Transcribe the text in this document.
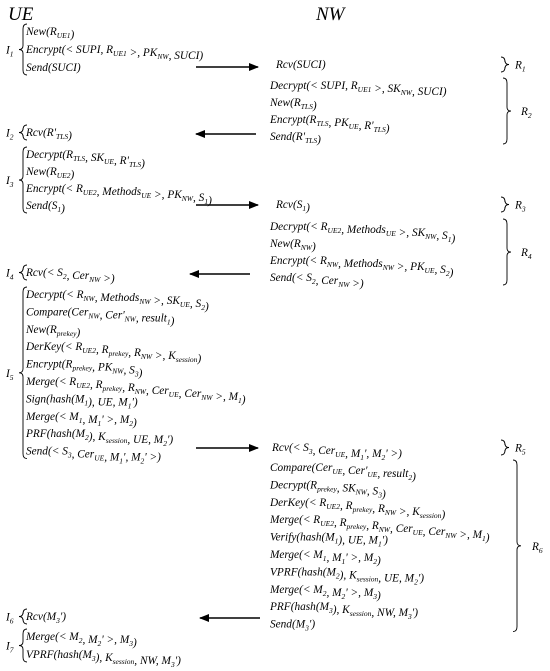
UE	NW
$New(R_{UE1})$
Encrypt(< SUPI, $R_{UE1}$ >, $PK_{NW}$, SUCI)
Send(SUCI)
$I_1$
$Rcv(R'_{TLS})$
$I_2$
$Decrypt(R_{TLS}$, $SK_{UE}$, $R'_{TLS}$)
$New(R_{UE2})$
Encrypt(< $R_{UE2}$, Methods$_{UE}$ >, $PK_{NW}$, $S_1$)
$Send(S_1)$
$I_3$
$Rcv(< S_2$, Cer$_{NW}$ >)
$I_4$
Decrypt(< $R_{NW}$, Methods$_{NW}$ >, $SK_{UE}$, $S_2$)
Compare(Cer$_{NW}$, $Cer'_{NW}$, result$_1$)
$New(R_{prekey})$
DerKey(< $R_{UE2}$, $R_{prekey}$, $R_{NW}$ >, $K_{session}$)
$Encrypt(R_{prekey}$, $PK_{NW}$, $S_3$)
Merge(< $R_{UE2}$, $R_{prekey}$, $R_{NW}$, Cer$_{UE}$, Cer$_{NW}$ >, $M_1$)
$Sign(hash(M_1)$, UE, $M_1'$)
Merge(< $M_1$, $M_1'$ >, $M_2$)
$PRF(hash(M_2)$, $K_{session}$, UE, $M_2'$)
Send(< $S_3$, Cer$_{UE}$, $M_1'$, $M_2'$ >)
$I_5$
$Rcv(M_3')$
$I_6$
Merge(< $M_2$, $M_2'$ >, $M_3$)
$VPRF(hash(M_3)$, $K_{session}$, NW, $M_3'$)
$I_7$
Rcv(SUCI)	$R_1$
Decrypt(< SUPI, $R_{UE1}$ >, $SK_{NW}$, SUCI)
$New(R_{TLS})$
$Encrypt(R_{TLS}$, $PK_{UE}$, $R'_{TLS}$)
$Send(R'_{TLS})$
$R_2$
$Rcv(S_1)$	$R_3$
Decrypt(< $R_{UE2}$, Methods$_{UE}$ >, $SK_{NW}$, $S_1$)
$New(R_{NW})$
Encrypt(< $R_{NW}$, Methods$_{NW}$ >, $PK_{UE}$, $S_2$)
Send(< $S_2$, Cer$_{NW}$ >)
$R_4$
$Rcv(< S_3$, Cer$_{UE}$, $M_1'$, $M_2'$ >)	$R_5$
Compare(Cer$_{UE}$, $Cer'_{UE}$, result$_2$)
$Decrypt(R_{prekey}$, $SK_{NW}$, $S_3$)
DerKey(< $R_{UE2}$, $R_{prekey}$, $R_{NW}$ >, $K_{session}$)
Merge(< $R_{UE2}$, $R_{prekey}$, $R_{NW}$, Cer$_{UE}$, Cer$_{NW}$ >, $M_1$)
$Verify(hash(M_1)$, UE, $M_1'$)
Merge(< $M_1$, $M_1'$ >, $M_2$)
$VPRF(hash(M_2)$, $K_{session}$, UE, $M_2'$)
Merge(< $M_2$, $M_2'$ >, $M_3$)
$PRF(hash(M_3)$, $K_{session}$, NW, $M_3'$)
$Send(M_3')$
$R_6$
